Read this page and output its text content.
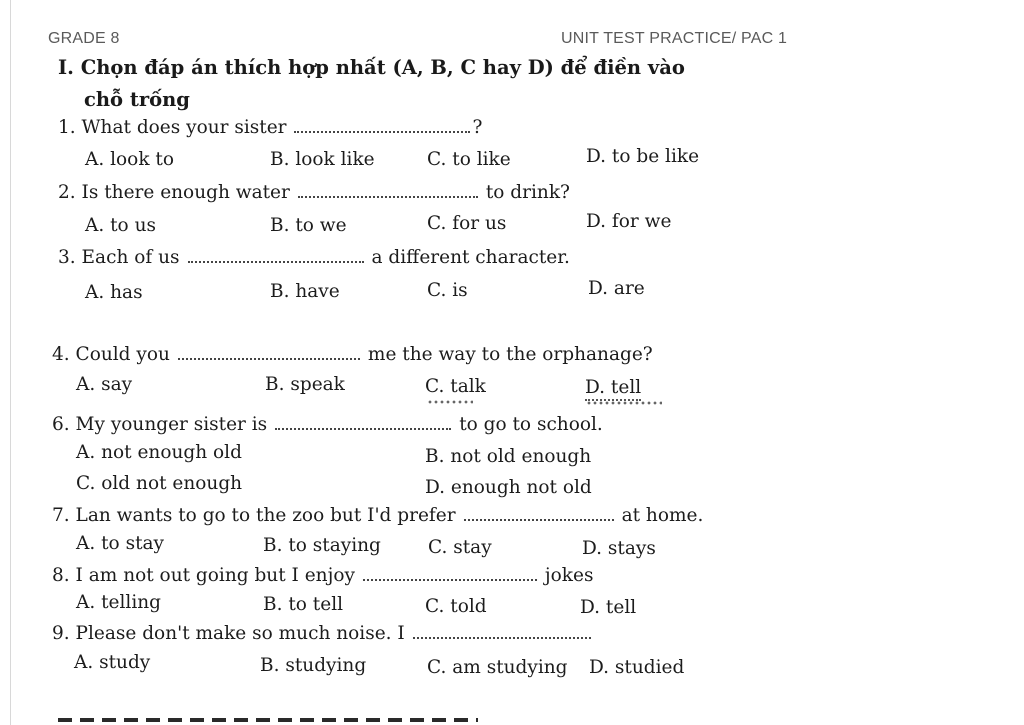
GRADE 8	UNIT TEST PRACTICE/ PAC 1
I. Chọn đáp án thích hợp nhất (A, B, C hay D) để điền vào
chỗ trống
1. What does your sister	?
A. look to	B. look like	C. to like	D. to be like
2. Is there enough water	to drink?
A. to us	B. to we	C. for us	D. for we
3. Each of us	a different character.
A. has	B. have	C. is	D. are
4. Could you	me the way to the orphanage?
A. say	B. speak	C. talk	D. tell
6. My younger sister is	to go to school.
A. not enough old	B. not old enough
C. old not enough	D. enough not old
7. Lan wants to go to the zoo but I'd prefer	at home.
A. to stay	B. to staying	C. stay	D. stays
8. I am not out going but I enjoy	jokes
A. telling	B. to tell	C. told	D. tell
9. Please don't make so much noise. I
A. study	B. studying	C. am studying D. studied
